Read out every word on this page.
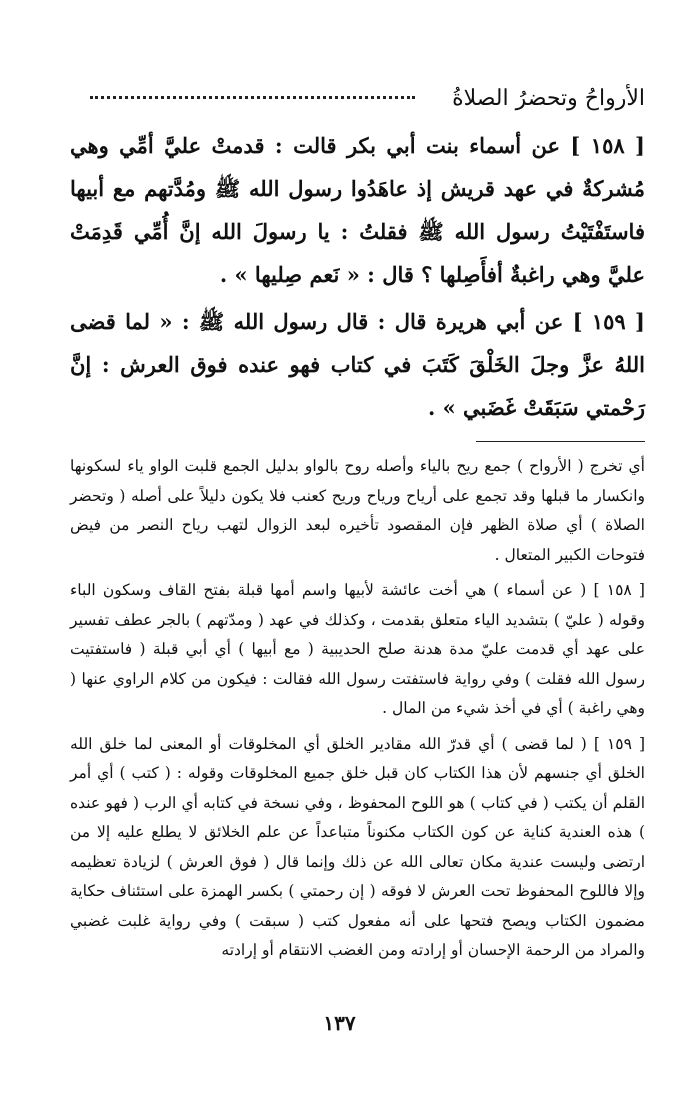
الأرواحُ وتحضرُ الصلاةُ

[ ١٥٨ ] عن أسماء بنت أبي بكر قالت : قدمتْ عليَّ أمِّي وهي مُشركةٌ في عهد قريش إذ عاهَدُوا رسول الله ﷺ ومُدَّتهم مع أبيها فاستَفْتَيْتُ رسول الله ﷺ فقلتُ : يا رسولَ الله إنَّ أُمِّي قَدِمَتْ عليَّ وهي راغبةٌ أفأَصِلها ؟ قال : « نَعم صِليها » .

[ ١٥٩ ] عن أبي هريرة قال : قال رسول الله ﷺ : « لما قضى اللهُ عزَّ وجلَ الخَلْقَ كَتَبَ في كتاب فهو عنده فوق العرش : إنَّ رَحْمتي سَبَقَتْ غَضَبي » .

أي تخرج ( الأرواح ) جمع ريح بالياء وأصله روح بالواو بدليل الجمع قلبت الواو ياء لسكونها وانكسار ما قبلها وقد تجمع على أرياح ورياح وريح كعنب فلا يكون دليلاً على أصله ( وتحضر الصلاة ) أي صلاة الظهر فإن المقصود تأخيره لبعد الزوال لتهب رياح النصر من فيض فتوحات الكبير المتعال .

[ ١٥٨ ] ( عن أسماء ) هي أخت عائشة لأبيها واسم أمها قبلة بفتح القاف وسكون الباء وقوله ( عليّ ) بتشديد الياء متعلق بقدمت ، وكذلك في عهد ( ومدّتهم ) بالجر عطف تفسير على عهد أي قدمت عليّ مدة هدنة صلح الحديبية ( مع أبيها ) أي أبي قبلة ( فاستفتيت رسول الله فقلت ) وفي رواية فاستفتت رسول الله فقالت : فيكون من كلام الراوي عنها ( وهي راغبة ) أي في أخذ شيء من المال .

[ ١٥٩ ] ( لما قضى ) أي قدرّ الله مقادير الخلق أي المخلوقات أو المعنى لما خلق الله الخلق أي جنسهم لأن هذا الكتاب كان قبل خلق جميع المخلوقات وقوله : ( كتب ) أي أمر القلم أن يكتب ( في كتاب ) هو اللوح المحفوظ ، وفي نسخة في كتابه أي الرب ( فهو عنده ) هذه العندية كناية عن كون الكتاب مكنوناً متباعداً عن علم الخلائق لا يطلع عليه إلا من ارتضى وليست عندية مكان تعالى الله عن ذلك وإنما قال ( فوق العرش ) لزيادة تعظيمه وإلا فاللوح المحفوظ تحت العرش لا فوقه ( إن رحمتي ) بكسر الهمزة على استئناف حكاية مضمون الكتاب ويصح فتحها على أنه مفعول كتب ( سبقت ) وفي رواية غلبت غضبي والمراد من الرحمة الإحسان أو إرادته ومن الغضب الانتقام أو إرادته

١٣٧
